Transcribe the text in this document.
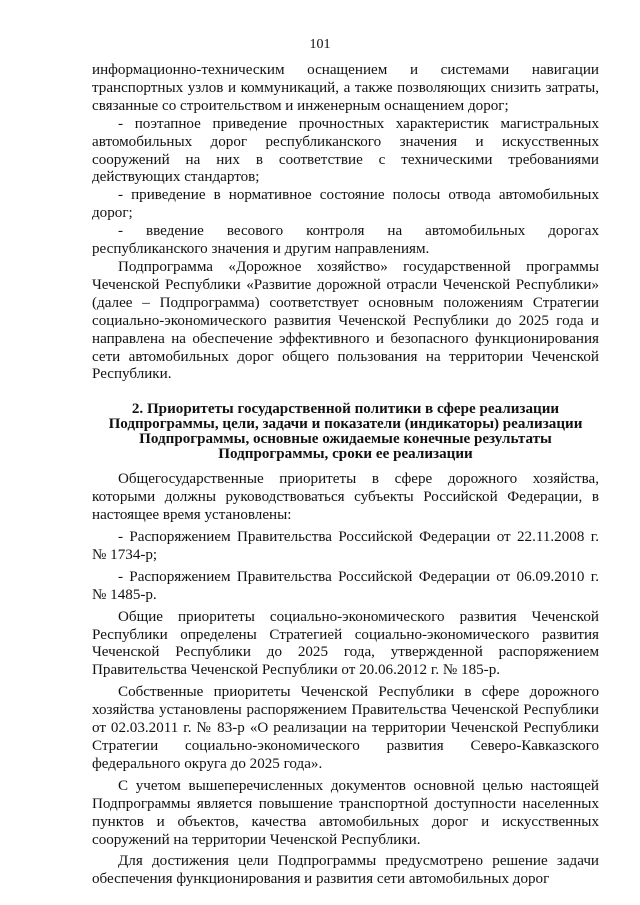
101

информационно-техническим оснащением и системами навигации транспортных узлов и коммуникаций, а также позволяющих снизить затраты, связанные со строительством и инженерным оснащением дорог;

- поэтапное приведение прочностных характеристик магистральных автомобильных дорог республиканского значения и искусственных сооружений на них в соответствие с техническими требованиями действующих стандартов;

- приведение в нормативное состояние полосы отвода автомобильных дорог;

- введение весового контроля на автомобильных дорогах республиканского значения и другим направлениям.

Подпрограмма «Дорожное хозяйство» государственной программы Чеченской Республики «Развитие дорожной отрасли Чеченской Республики» (далее – Подпрограмма) соответствует основным положениям Стратегии социально-экономического развития Чеченской Республики до 2025 года и направлена на обеспечение эффективного и безопасного функционирования сети автомобильных дорог общего пользования на территории Чеченской Республики.

2. Приоритеты государственной политики в сфере реализации
Подпрограммы, цели, задачи и показатели (индикаторы) реализации
Подпрограммы, основные ожидаемые конечные результаты
Подпрограммы, сроки ее реализации

Общегосударственные приоритеты в сфере дорожного хозяйства, которыми должны руководствоваться субъекты Российской Федерации, в настоящее время установлены:

- Распоряжением Правительства Российской Федерации от 22.11.2008 г. № 1734-р;

- Распоряжением Правительства Российской Федерации от 06.09.2010 г. № 1485-р.

Общие приоритеты социально-экономического развития Чеченской Республики определены Стратегией социально-экономического развития Чеченской Республики до 2025 года, утвержденной распоряжением Правительства Чеченской Республики от 20.06.2012 г. № 185-р.

Собственные приоритеты Чеченской Республики в сфере дорожного хозяйства установлены распоряжением Правительства Чеченской Республики от 02.03.2011 г. № 83-р «О реализации на территории Чеченской Республики Стратегии социально-экономического развития Северо-Кавказского федерального округа до 2025 года».

С учетом вышеперечисленных документов основной целью настоящей Подпрограммы является повышение транспортной доступности населенных пунктов и объектов, качества автомобильных дорог и искусственных сооружений на территории Чеченской Республики.

Для достижения цели Подпрограммы предусмотрено решение задачи обеспечения функционирования и развития сети автомобильных дорог
